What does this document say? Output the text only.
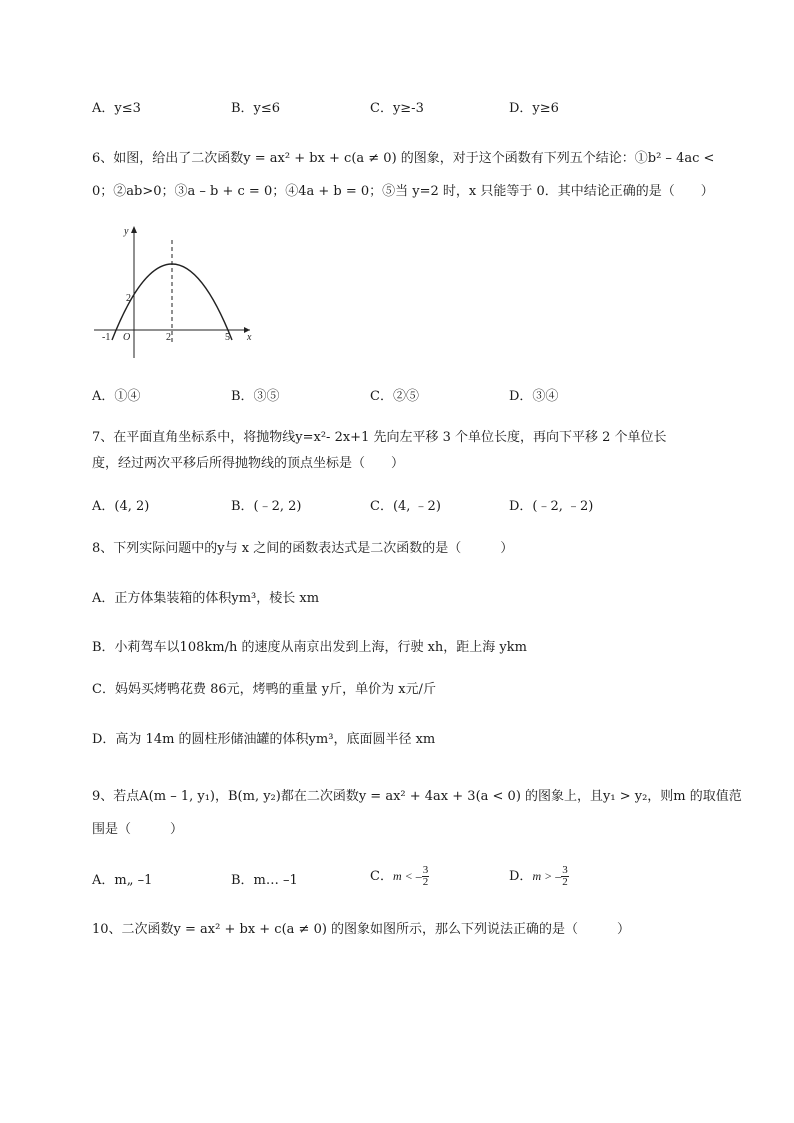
A．y≤3	B．y≤6	C．y≥-3	D．y≥6
6、如图，给出了二次函数y = ax² + bx + c(a ≠ 0) 的图象，对于这个函数有下列五个结论：①b² – 4ac <
0；②ab>0；③a – b + c = 0；④4a + b = 0；⑤当 y=2 时，x 只能等于 0．其中结论正确的是（　　）
y
x
O
-1
2
2	5
A．①④	B．③⑤	C．②⑤	D．③④
7、在平面直角坐标系中，将抛物线y=x²- 2x+1 先向左平移 3 个单位长度，再向下平移 2 个单位长
度，经过两次平移后所得抛物线的顶点坐标是（　　）
A．(4, 2)	B．(﹣2, 2)	C．(4, ﹣2)	D．(﹣2, ﹣2)
8、下列实际问题中的y与 x 之间的函数表达式是二次函数的是（　　　）
A．正方体集装箱的体积ym³，棱长 xm
B．小莉驾车以108km/h 的速度从南京出发到上海，行驶 xh，距上海 ykm
C．妈妈买烤鸭花费 86元，烤鸭的重量 y斤，单价为 x元/斤
D．高为 14m 的圆柱形储油罐的体积ym³，底面圆半径 xm
9、若点A(m – 1, y₁)，B(m, y₂)都在二次函数y = ax² + 4ax + 3(a < 0) 的图象上，且y₁ > y₂，则m 的取值范
围是（　　　）
A．m„ –1	B．m… –1	C．m < – $\frac{3}{2}$	D．m > – $\frac{3}{2}$
10、二次函数y = ax² + bx + c(a ≠ 0) 的图象如图所示，那么下列说法正确的是（　　　）
